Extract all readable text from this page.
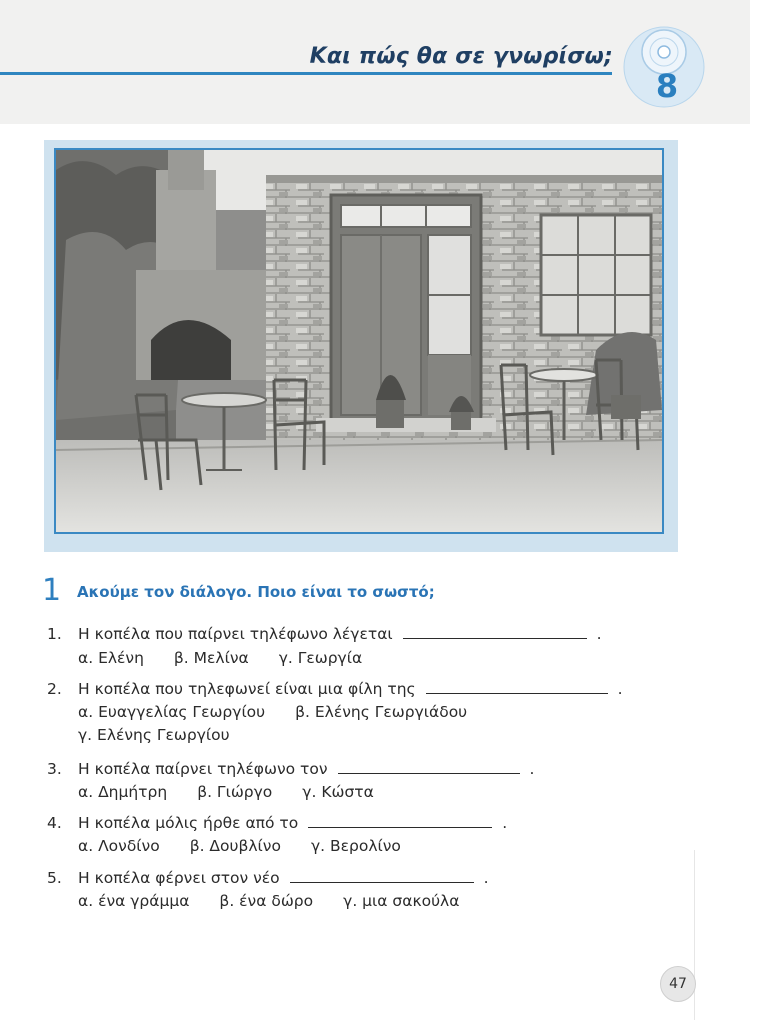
Και πώς θα σε γνωρίσω;
8
1 Ακούμε τον διάλογο. Ποιο είναι το σωστό;
1.	Η κοπέλα που παίρνει τηλέφωνο λέγεται	.
α. Ελένη β. Μελίνα γ. Γεωργία
2.	Η κοπέλα που τηλεφωνεί είναι μια φίλη της	.
α. Ευαγγελίας Γεωργίου β. Ελένης Γεωργιάδου
γ. Ελένης Γεωργίου
3.	Η κοπέλα παίρνει τηλέφωνο τον	.
α. Δημήτρη β. Γιώργο γ. Κώστα
4.	Η κοπέλα μόλις ήρθε από το	.
α. Λονδίνο β. Δουβλίνο γ. Βερολίνο
5.	Η κοπέλα φέρνει στον νέο	.
α. ένα γράμμα β. ένα δώρο γ. μια σακούλα
47
